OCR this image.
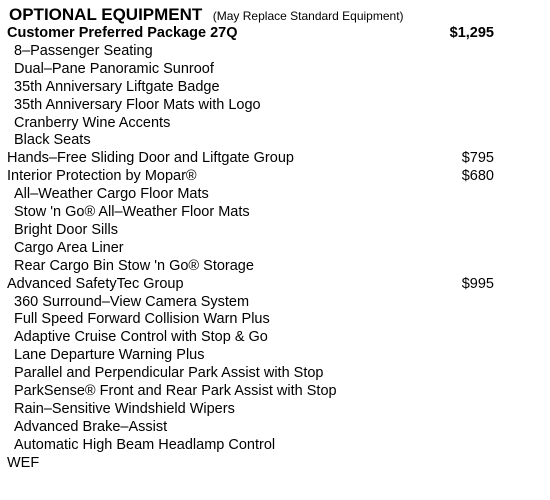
OPTIONAL EQUIPMENT (May Replace Standard Equipment)
Customer Preferred Package 27Q	$1,295
8–Passenger Seating
Dual–Pane Panoramic Sunroof
35th Anniversary Liftgate Badge
35th Anniversary Floor Mats with Logo
Cranberry Wine Accents
Black Seats
Hands–Free Sliding Door and Liftgate Group	$795
Interior Protection by Mopar®	$680
All–Weather Cargo Floor Mats
Stow 'n Go® All–Weather Floor Mats
Bright Door Sills
Cargo Area Liner
Rear Cargo Bin Stow 'n Go® Storage
Advanced SafetyTec Group	$995
360 Surround–View Camera System
Full Speed Forward Collision Warn Plus
Adaptive Cruise Control with Stop & Go
Lane Departure Warning Plus
Parallel and Perpendicular Park Assist with Stop
ParkSense® Front and Rear Park Assist with Stop
Rain–Sensitive Windshield Wipers
Advanced Brake–Assist
Automatic High Beam Headlamp Control
WEF
